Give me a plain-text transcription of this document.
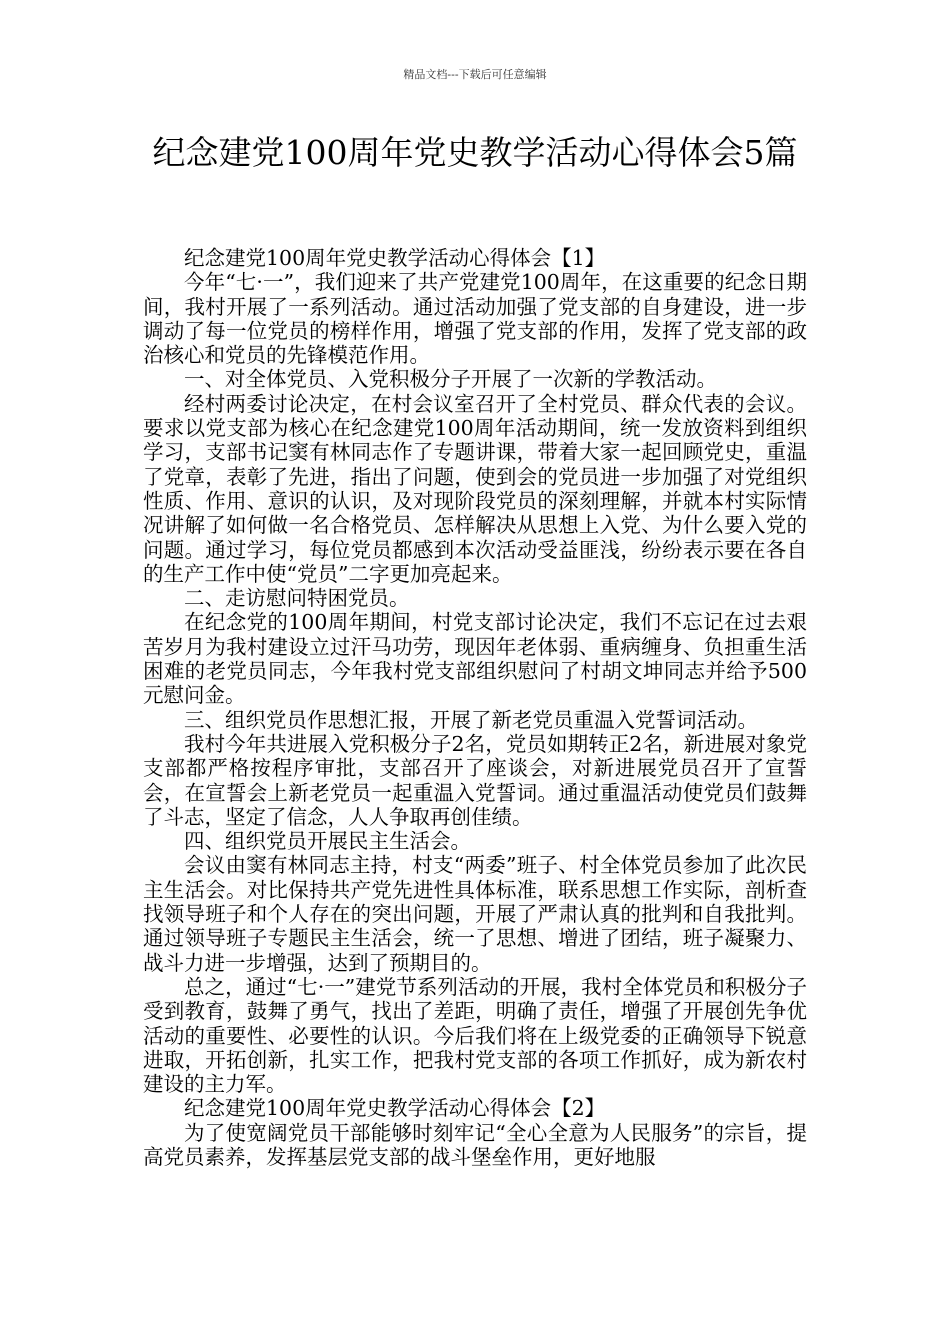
精品文档---下载后可任意编辑
纪念建党100周年党史教学活动心得体会5篇

纪念建党100周年党史教学活动心得体会【1】

今年“七·一”，我们迎来了共产党建党100周年，在这重要的纪念日期间，我村开展了一系列活动。通过活动加强了党支部的自身建设，进一步调动了每一位党员的榜样作用，增强了党支部的作用，发挥了党支部的政治核心和党员的先锋模范作用。

一、对全体党员、入党积极分子开展了一次新的学教活动。

经村两委讨论决定，在村会议室召开了全村党员、群众代表的会议。要求以党支部为核心在纪念建党100周年活动期间，统一发放资料到组织学习，支部书记窦有林同志作了专题讲课，带着大家一起回顾党史，重温了党章，表彰了先进，指出了问题，使到会的党员进一步加强了对党组织性质、作用、意识的认识，及对现阶段党员的深刻理解，并就本村实际情况讲解了如何做一名合格党员、怎样解决从思想上入党、为什么要入党的问题。通过学习，每位党员都感到本次活动受益匪浅，纷纷表示要在各自的生产工作中使“党员”二字更加亮起来。

二、走访慰问特困党员。

在纪念党的100周年期间，村党支部讨论决定，我们不忘记在过去艰苦岁月为我村建设立过汗马功劳，现因年老体弱、重病缠身、负担重生活困难的老党员同志，今年我村党支部组织慰问了村胡文坤同志并给予500元慰问金。

三、组织党员作思想汇报，开展了新老党员重温入党誓词活动。

我村今年共进展入党积极分子2名，党员如期转正2名，新进展对象党支部都严格按程序审批，支部召开了座谈会，对新进展党员召开了宣誓会，在宣誓会上新老党员一起重温入党誓词。通过重温活动使党员们鼓舞了斗志，坚定了信念，人人争取再创佳绩。

四、组织党员开展民主生活会。

会议由窦有林同志主持，村支“两委”班子、村全体党员参加了此次民主生活会。对比保持共产党先进性具体标准，联系思想工作实际，剖析查找领导班子和个人存在的突出问题，开展了严肃认真的批判和自我批判。通过领导班子专题民主生活会，统一了思想、增进了团结，班子凝聚力、战斗力进一步增强，达到了预期目的。

总之，通过“七·一”建党节系列活动的开展，我村全体党员和积极分子受到教育，鼓舞了勇气，找出了差距，明确了责任，增强了开展创先争优活动的重要性、必要性的认识。今后我们将在上级党委的正确领导下锐意进取，开拓创新，扎实工作，把我村党支部的各项工作抓好，成为新农村建设的主力军。

纪念建党100周年党史教学活动心得体会【2】

为了使宽阔党员干部能够时刻牢记“全心全意为人民服务”的宗旨，提高党员素养，发挥基层党支部的战斗堡垒作用，更好地服
